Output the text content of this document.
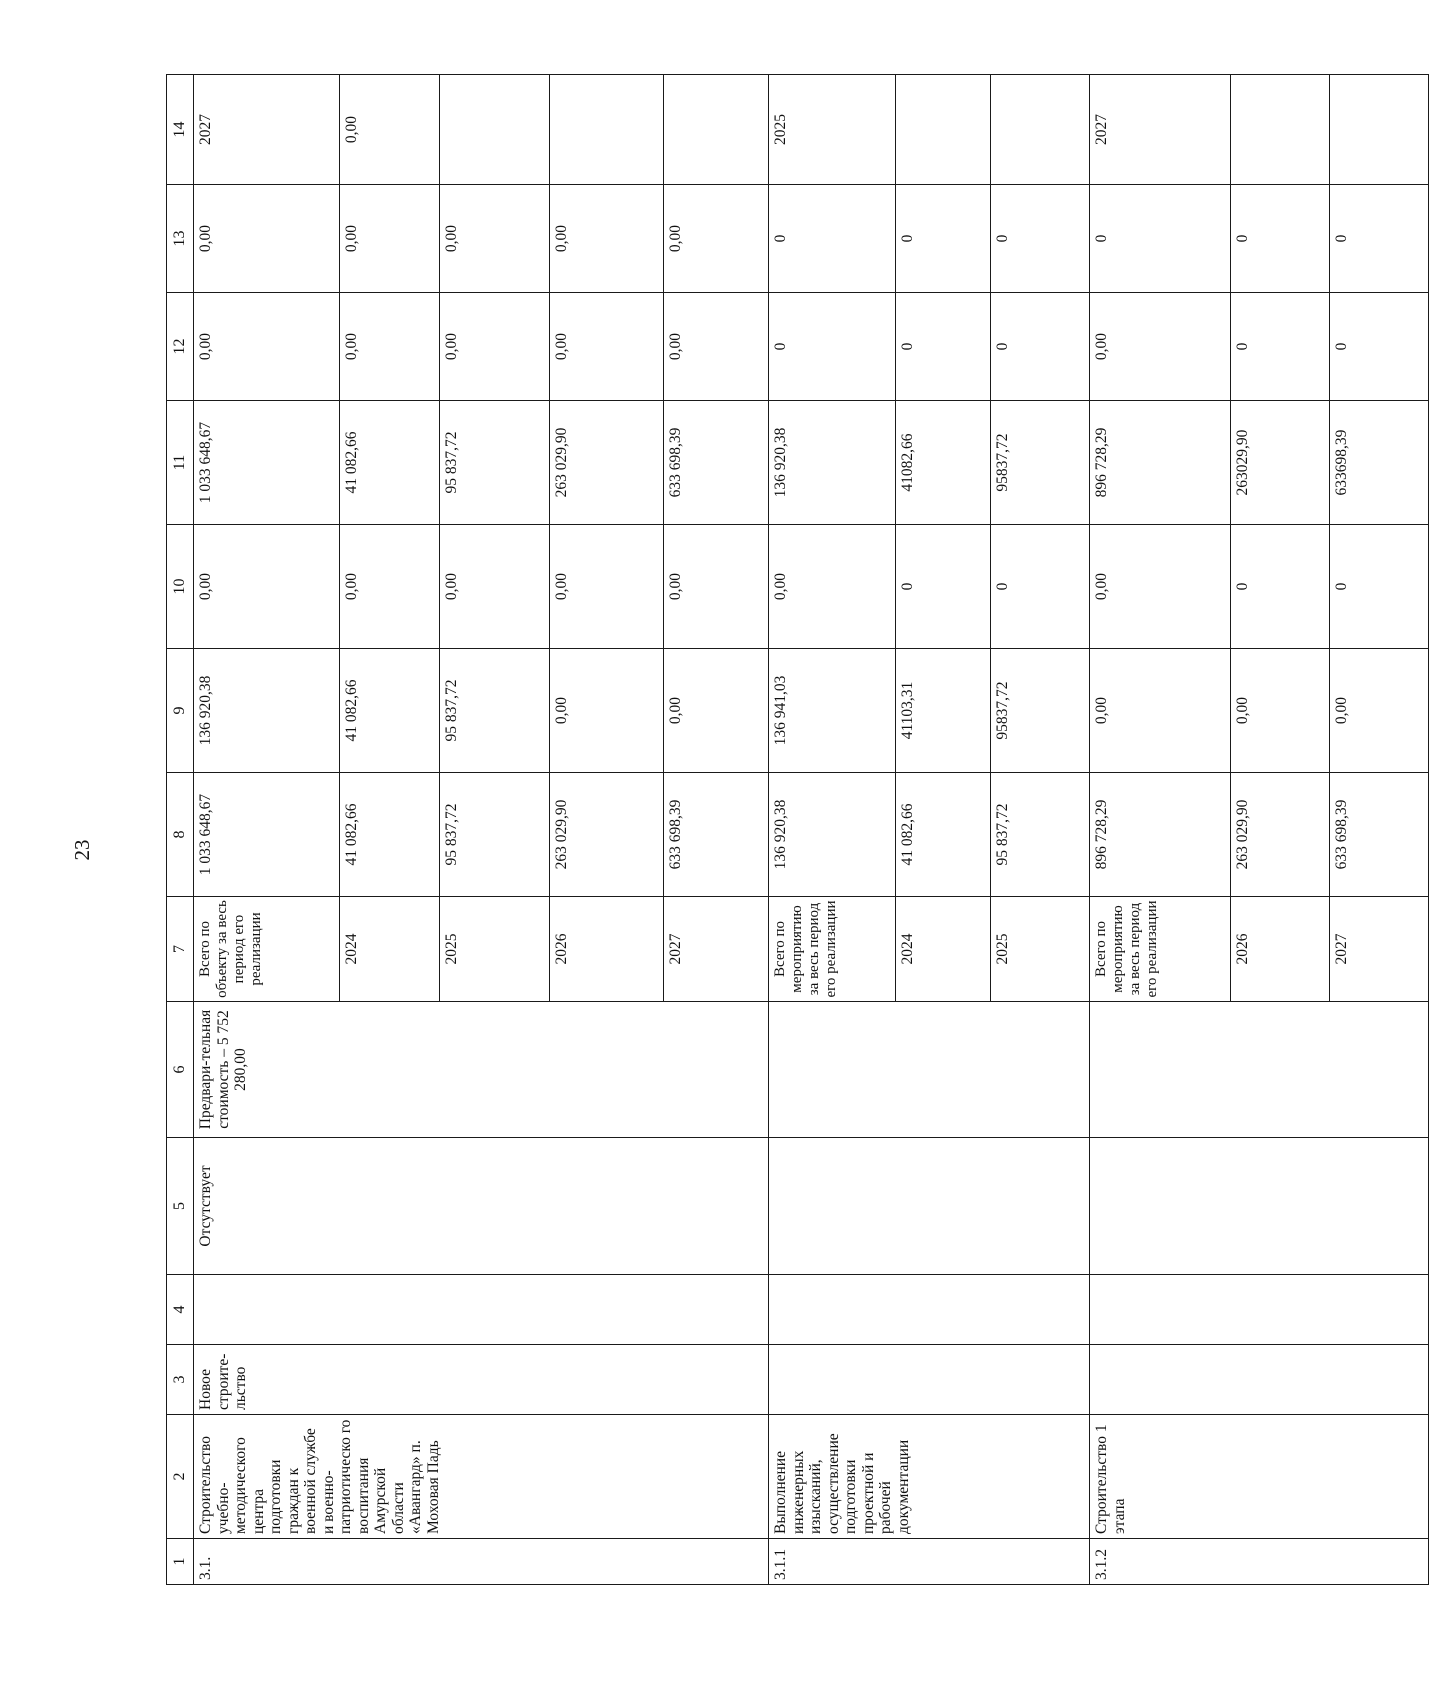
23
1	2	3	4	5	6	7	8	9	10	11	12	13	14
3.1.	Строительство учебно-методического центра подготовки граждан к военной службе и военно-патриотическо го воспитания Амурской области «Авангард» п. Моховая Падь	Новое строите-льство		Отсутствует	Предвари-тельная стоимость – 5 752 280,00	Всего по объекту за весь период его реализации	1 033 648,67	136 920,38	0,00	1 033 648,67	0,00	0,00	2027
						2024	41 082,66	41 082,66	0,00	41 082,66	0,00	0,00	0,00
						2025	95 837,72	95 837,72	0,00	95 837,72	0,00	0,00	
						2026	263 029,90	0,00	0,00	263 029,90	0,00	0,00	
						2027	633 698,39	0,00	0,00	633 698,39	0,00	0,00	
3.1.1	Выполнение инженерных изысканий, осуществление подготовки проектной и рабочей документации					Всего по мероприятию за весь период его реализации	136 920,38	136 941,03	0,00	136 920,38	0	0	2025
						2024	41 082,66	41103,31	0	41082,66	0	0	
						2025	95 837,72	95837,72	0	95837,72	0	0	
3.1.2	Строительство 1 этапа					Всего по мероприятию за весь период его реализации	896 728,29	0,00	0,00	896 728,29	0,00	0	2027
						2026	263 029,90	0,00	0	263029,90	0	0	
						2027	633 698,39	0,00	0	633698,39	0	0	
